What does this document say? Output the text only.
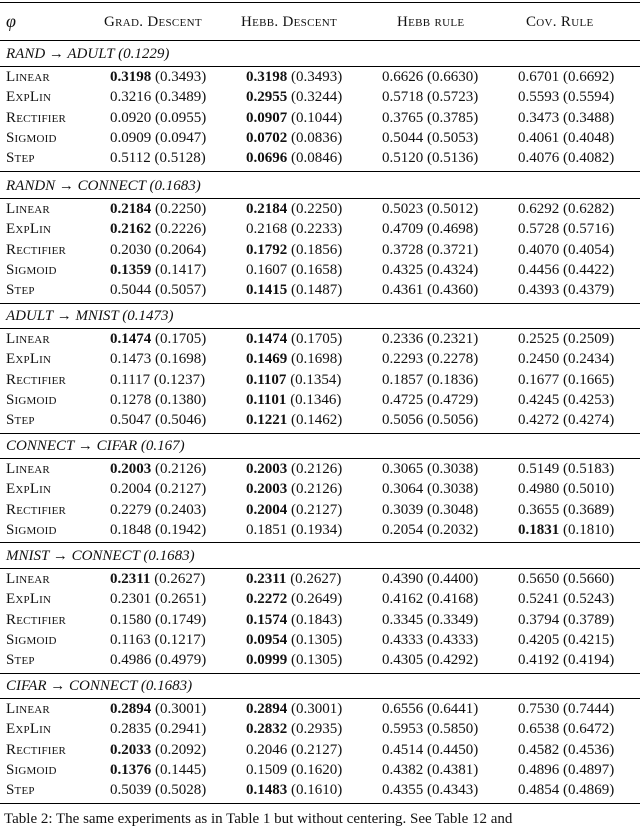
φ	Grad. Descent	Hebb. Descent	Hebb rule	Cov. Rule
RAND → ADULT (0.1229)
Linear	0.3198 (0.3493)	0.3198 (0.3493)	0.6626 (0.6630)	0.6701 (0.6692)
ExpLin	0.3216 (0.3489)	0.2955 (0.3244)	0.5718 (0.5723)	0.5593 (0.5594)
Rectifier	0.0920 (0.0955)	0.0907 (0.1044)	0.3765 (0.3785)	0.3473 (0.3488)
Sigmoid	0.0909 (0.0947)	0.0702 (0.0836)	0.5044 (0.5053)	0.4061 (0.4048)
Step	0.5112 (0.5128)	0.0696 (0.0846)	0.5120 (0.5136)	0.4076 (0.4082)
RANDN → CONNECT (0.1683)
Linear	0.2184 (0.2250)	0.2184 (0.2250)	0.5023 (0.5012)	0.6292 (0.6282)
ExpLin	0.2162 (0.2226)	0.2168 (0.2233)	0.4709 (0.4698)	0.5728 (0.5716)
Rectifier	0.2030 (0.2064)	0.1792 (0.1856)	0.3728 (0.3721)	0.4070 (0.4054)
Sigmoid	0.1359 (0.1417)	0.1607 (0.1658)	0.4325 (0.4324)	0.4456 (0.4422)
Step	0.5044 (0.5057)	0.1415 (0.1487)	0.4361 (0.4360)	0.4393 (0.4379)
ADULT → MNIST (0.1473)
Linear	0.1474 (0.1705)	0.1474 (0.1705)	0.2336 (0.2321)	0.2525 (0.2509)
ExpLin	0.1473 (0.1698)	0.1469 (0.1698)	0.2293 (0.2278)	0.2450 (0.2434)
Rectifier	0.1117 (0.1237)	0.1107 (0.1354)	0.1857 (0.1836)	0.1677 (0.1665)
Sigmoid	0.1278 (0.1380)	0.1101 (0.1346)	0.4725 (0.4729)	0.4245 (0.4253)
Step	0.5047 (0.5046)	0.1221 (0.1462)	0.5056 (0.5056)	0.4272 (0.4274)
CONNECT → CIFAR (0.167)
Linear	0.2003 (0.2126)	0.2003 (0.2126)	0.3065 (0.3038)	0.5149 (0.5183)
ExpLin	0.2004 (0.2127)	0.2003 (0.2126)	0.3064 (0.3038)	0.4980 (0.5010)
Rectifier	0.2279 (0.2403)	0.2004 (0.2127)	0.3039 (0.3048)	0.3655 (0.3689)
Sigmoid	0.1848 (0.1942)	0.1851 (0.1934)	0.2054 (0.2032)	0.1831 (0.1810)
MNIST → CONNECT (0.1683)
Linear	0.2311 (0.2627)	0.2311 (0.2627)	0.4390 (0.4400)	0.5650 (0.5660)
ExpLin	0.2301 (0.2651)	0.2272 (0.2649)	0.4162 (0.4168)	0.5241 (0.5243)
Rectifier	0.1580 (0.1749)	0.1574 (0.1843)	0.3345 (0.3349)	0.3794 (0.3789)
Sigmoid	0.1163 (0.1217)	0.0954 (0.1305)	0.4333 (0.4333)	0.4205 (0.4215)
Step	0.4986 (0.4979)	0.0999 (0.1305)	0.4305 (0.4292)	0.4192 (0.4194)
CIFAR → CONNECT (0.1683)
Linear	0.2894 (0.3001)	0.2894 (0.3001)	0.6556 (0.6441)	0.7530 (0.7444)
ExpLin	0.2835 (0.2941)	0.2832 (0.2935)	0.5953 (0.5850)	0.6538 (0.6472)
Rectifier	0.2033 (0.2092)	0.2046 (0.2127)	0.4514 (0.4450)	0.4582 (0.4536)
Sigmoid	0.1376 (0.1445)	0.1509 (0.1620)	0.4382 (0.4381)	0.4896 (0.4897)
Step	0.5039 (0.5028)	0.1483 (0.1610)	0.4355 (0.4343)	0.4854 (0.4869)
Table 2: The same experiments as in Table 1 but without centering. See Table 12 and
